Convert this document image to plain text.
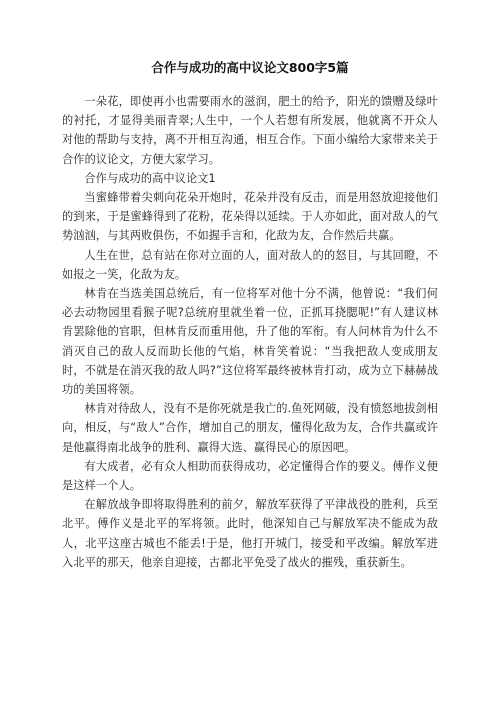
合作与成功的高中议论文800字5篇

一朵花，即使再小也需要雨水的滋润，肥土的给予，阳光的馈赠及绿叶的衬托，才显得美丽青翠;人生中，一个人若想有所发展，他就离不开众人对他的帮助与支持，离不开相互沟通，相互合作。下面小编给大家带来关于合作的议论文，方便大家学习。

合作与成功的高中议论文1

当蜜蜂带着尖刺向花朵开炮时，花朵并没有反击，而是用怒放迎接他们的到来，于是蜜蜂得到了花粉，花朵得以延续。于人亦如此，面对敌人的气势汹汹，与其两败俱伤，不如握手言和，化敌为友，合作然后共赢。

人生在世，总有站在你对立面的人，面对敌人的的怒目，与其回瞪，不如报之一笑，化敌为友。

林肯在当选美国总统后，有一位将军对他十分不满，他曾说：“我们何必去动物园里看猴子呢?总统府里就坐着一位，正抓耳挠腮呢!”有人建议林肯罢除他的官职，但林肯反而重用他，升了他的军衔。有人问林肯为什么不消灭自己的敌人反而助长他的气焰，林肯笑着说：“当我把敌人变成朋友时，不就是在消灭我的敌人吗?”这位将军最终被林肯打动，成为立下赫赫战功的美国将领。

林肯对待敌人，没有不是你死就是我亡的.鱼死网破，没有愤怒地拔剑相向，相反，与“敌人”合作，增加自己的朋友，懂得化敌为友，合作共赢或许是他赢得南北战争的胜利、赢得大选、赢得民心的原因吧。

有大成者，必有众人相助而获得成功，必定懂得合作的要义。傅作义便是这样一个人。

在解放战争即将取得胜利的前夕，解放军获得了平津战役的胜利，兵至北平。傅作义是北平的军将领。此时，他深知自己与解放军决不能成为敌人，北平这座古城也不能丢!于是，他打开城门，接受和平改编。解放军进入北平的那天，他亲自迎接，古都北平免受了战火的摧残，重获新生。
